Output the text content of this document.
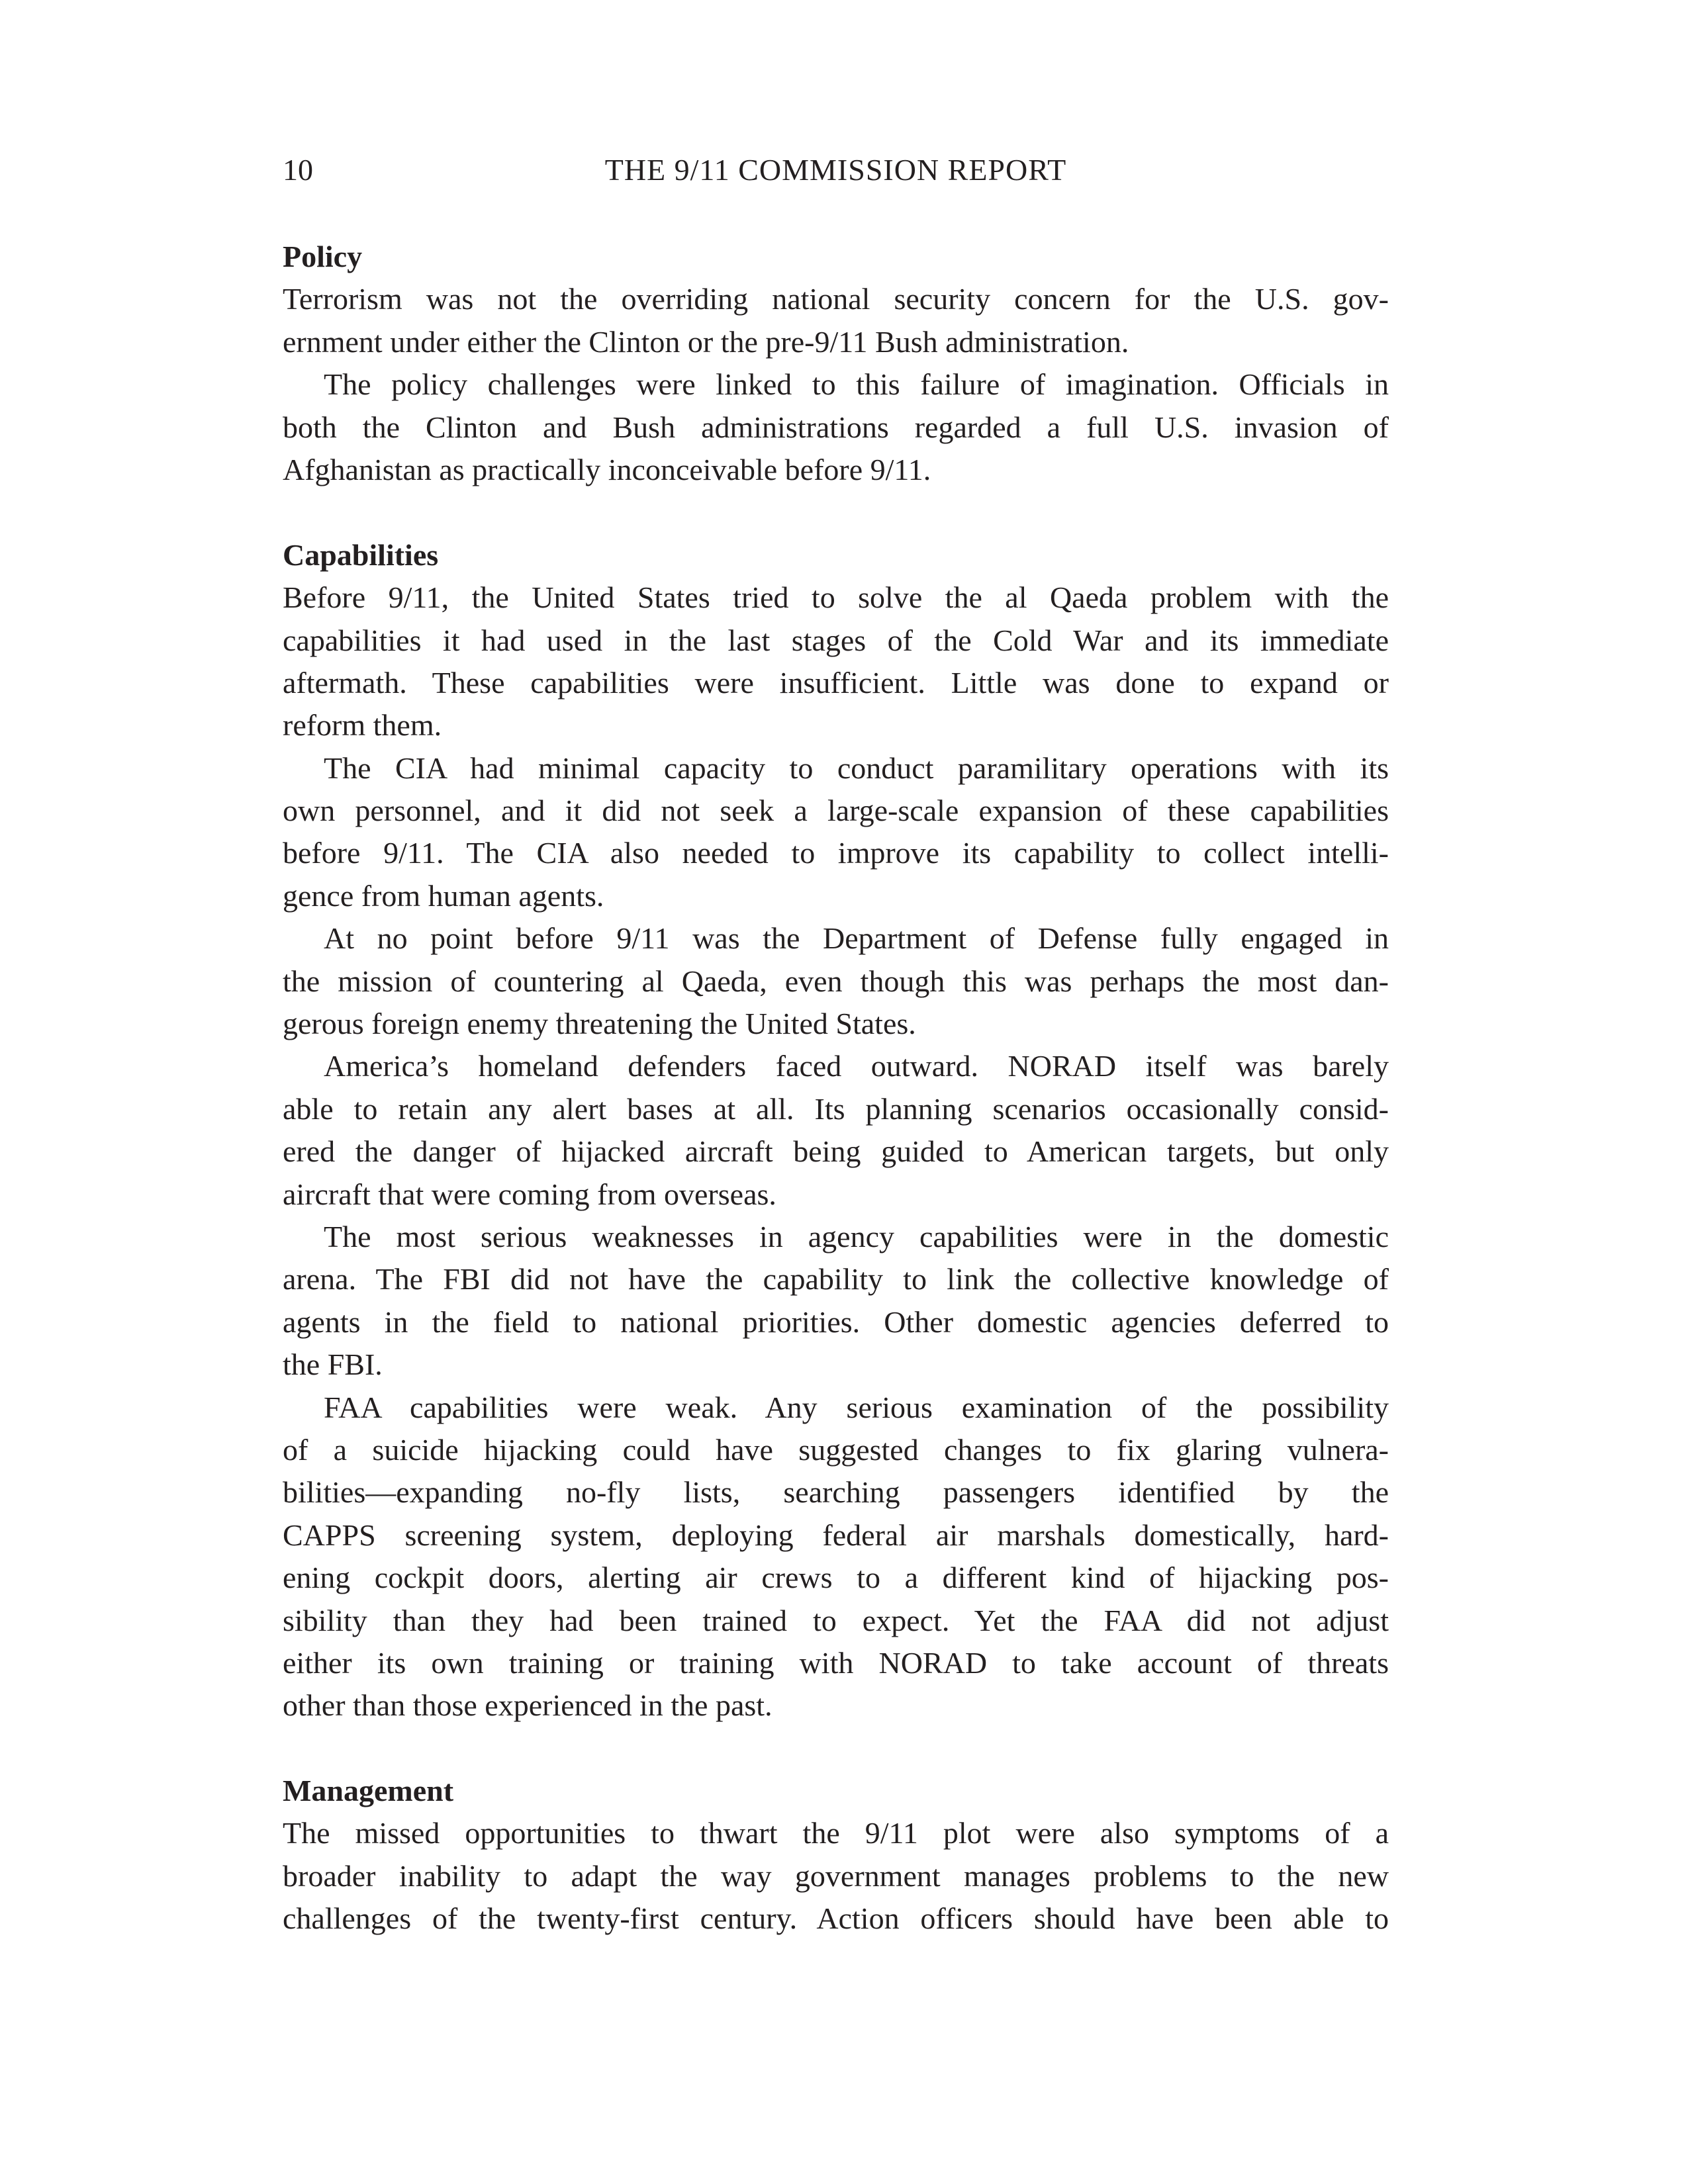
10	THE 9/11 COMMISSION REPORT
Policy
Terrorism was not the overriding national security concern for the U.S. gov-
ernment under either the Clinton or the pre-9/11 Bush administration.
The policy challenges were linked to this failure of imagination. Officials in
both the Clinton and Bush administrations regarded a full U.S. invasion of
Afghanistan as practically inconceivable before 9/11.
Capabilities
Before 9/11, the United States tried to solve the al Qaeda problem with the
capabilities it had used in the last stages of the Cold War and its immediate
aftermath. These capabilities were insufficient. Little was done to expand or
reform them.
The CIA had minimal capacity to conduct paramilitary operations with its
own personnel, and it did not seek a large-scale expansion of these capabilities
before 9/11. The CIA also needed to improve its capability to collect intelli-
gence from human agents.
At no point before 9/11 was the Department of Defense fully engaged in
the mission of countering al Qaeda, even though this was perhaps the most dan-
gerous foreign enemy threatening the United States.
America’s homeland defenders faced outward. NORAD itself was barely
able to retain any alert bases at all. Its planning scenarios occasionally consid-
ered the danger of hijacked aircraft being guided to American targets, but only
aircraft that were coming from overseas.
The most serious weaknesses in agency capabilities were in the domestic
arena. The FBI did not have the capability to link the collective knowledge of
agents in the field to national priorities. Other domestic agencies deferred to
the FBI.
FAA capabilities were weak. Any serious examination of the possibility
of a suicide hijacking could have suggested changes to fix glaring vulnera-
bilities—expanding no-fly lists, searching passengers identified by the
CAPPS screening system, deploying federal air marshals domestically, hard-
ening cockpit doors, alerting air crews to a different kind of hijacking pos-
sibility than they had been trained to expect. Yet the FAA did not adjust
either its own training or training with NORAD to take account of threats
other than those experienced in the past.
Management
The missed opportunities to thwart the 9/11 plot were also symptoms of a
broader inability to adapt the way government manages problems to the new
challenges of the twenty-first century. Action officers should have been able to
